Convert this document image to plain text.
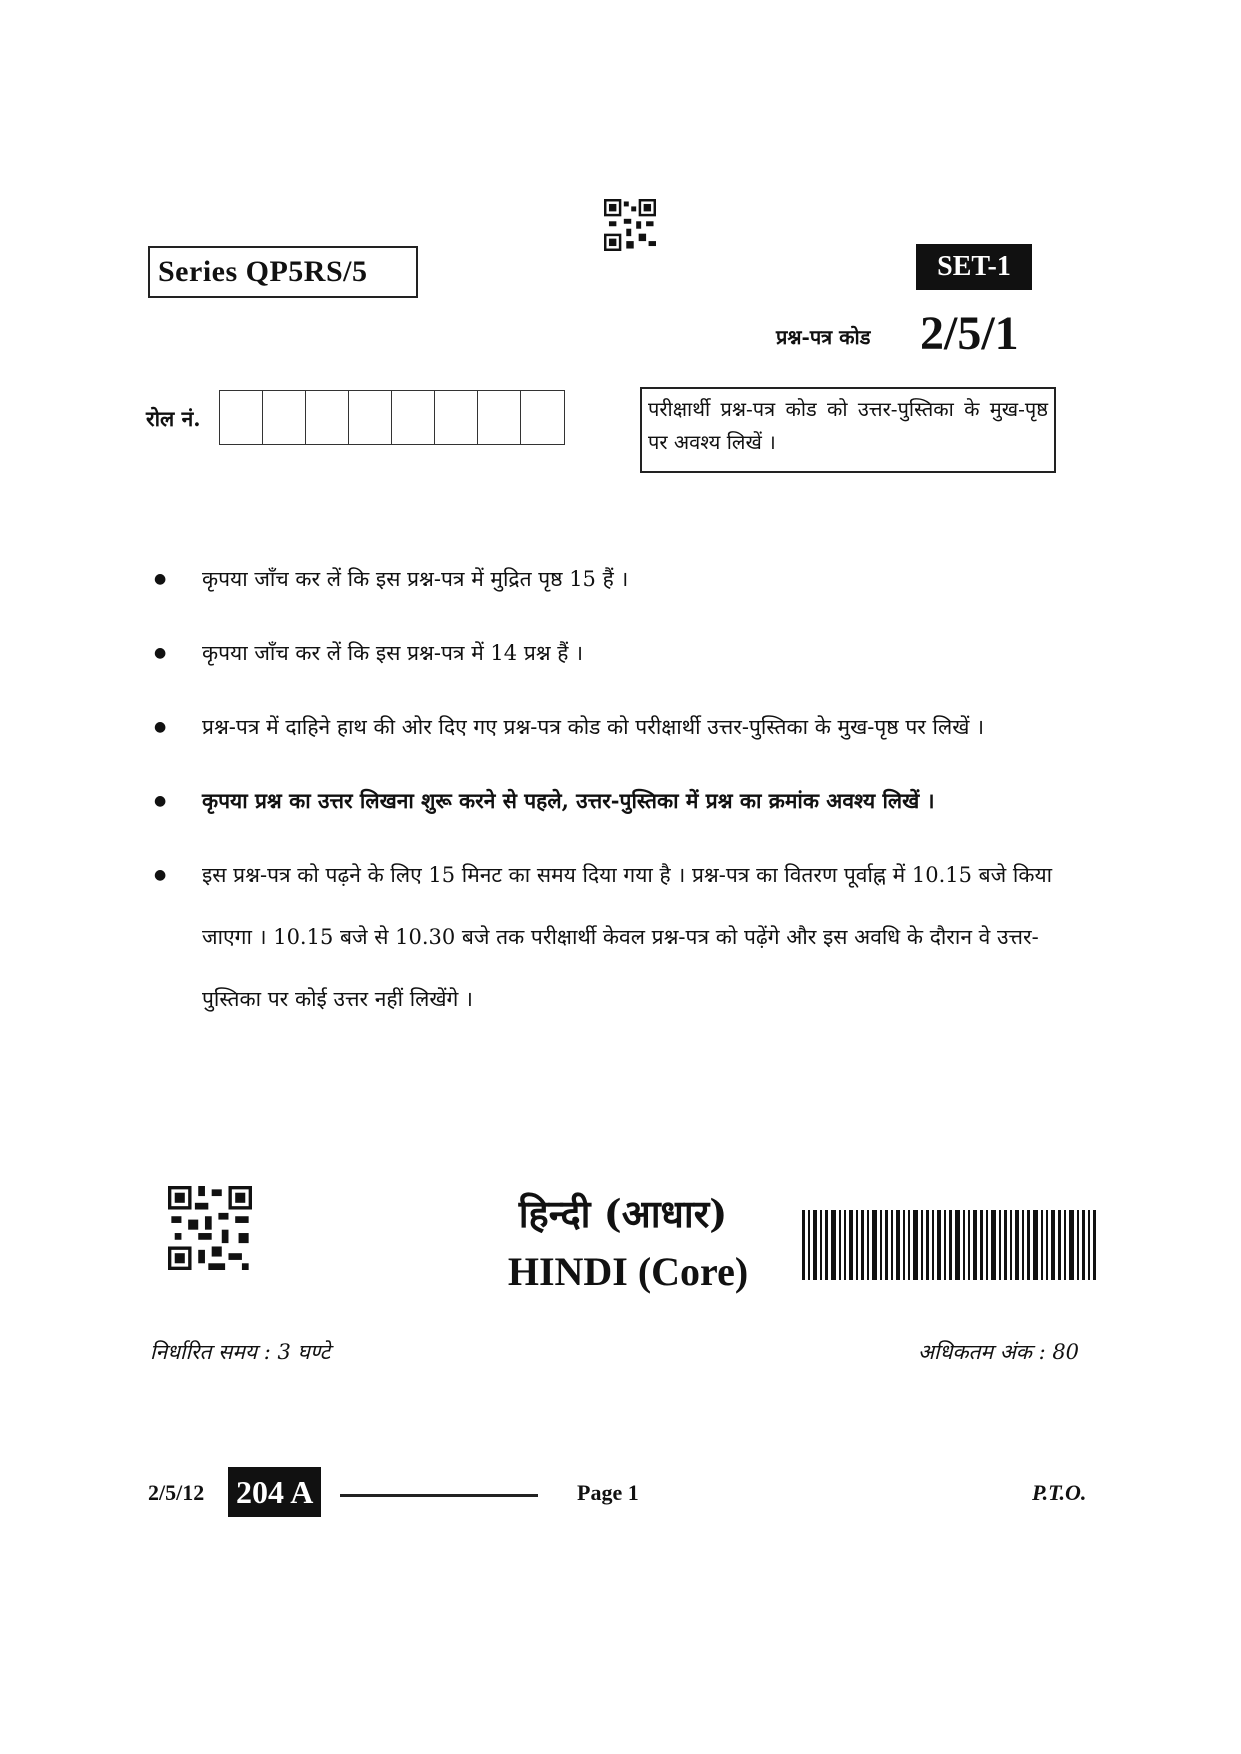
Series QP5RS/5	SET-1
प्रश्न-पत्र कोड 2/5/1
रोल नं.	परीक्षार्थी प्रश्न-पत्र कोड को उत्तर-पुस्तिका के मुख-पृष्ठ पर अवश्य लिखें ।
● कृपया जाँच कर लें कि इस प्रश्न-पत्र में मुद्रित पृष्ठ 15 हैं ।
● कृपया जाँच कर लें कि इस प्रश्न-पत्र में 14 प्रश्न हैं ।
● प्रश्न-पत्र में दाहिने हाथ की ओर दिए गए प्रश्न-पत्र कोड को परीक्षार्थी उत्तर-पुस्तिका के मुख-पृष्ठ पर लिखें ।
● कृपया प्रश्न का उत्तर लिखना शुरू करने से पहले, उत्तर-पुस्तिका में प्रश्न का क्रमांक अवश्य लिखें ।
● इस प्रश्न-पत्र को पढ़ने के लिए 15 मिनट का समय दिया गया है । प्रश्न-पत्र का वितरण पूर्वाह्न में 10.15 बजे किया जाएगा । 10.15 बजे से 10.30 बजे तक परीक्षार्थी केवल प्रश्न-पत्र को पढ़ेंगे और इस अवधि के दौरान वे उत्तर-पुस्तिका पर कोई उत्तर नहीं लिखेंगे ।
हिन्दी (आधार)
HINDI (Core)
निर्धारित समय : 3 घण्टे	अधिकतम अंक : 80
2/5/12 204 A	Page 1	P.T.O.
